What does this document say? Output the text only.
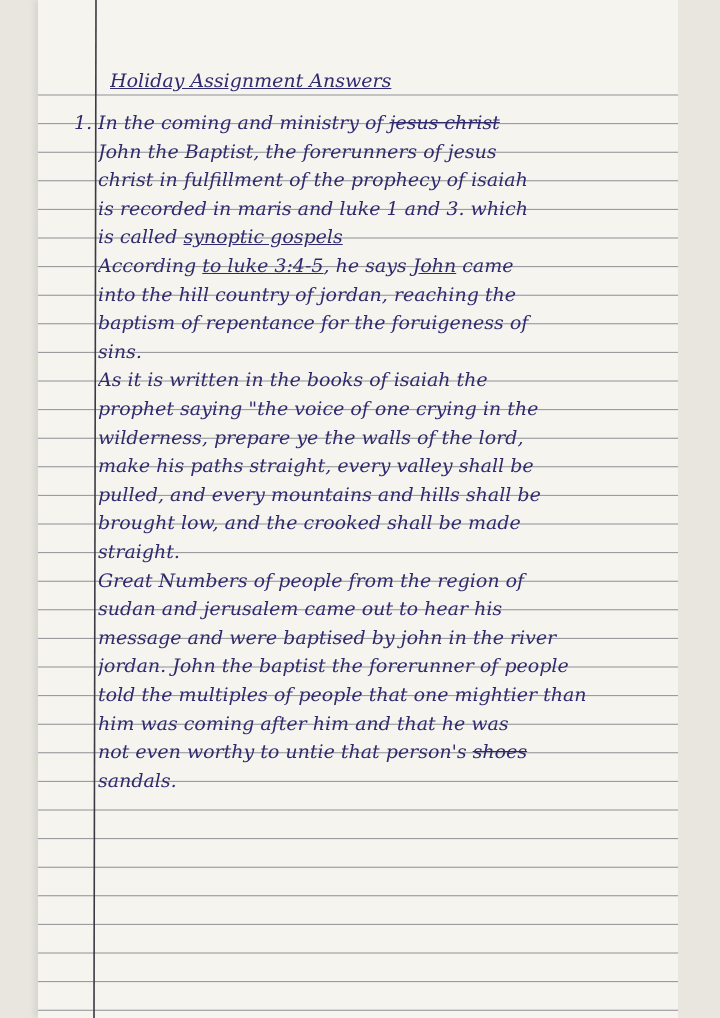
Holiday Assignment Answers
1. In the coming and ministry of jesus christ
John the Baptist, the forerunners of jesus
christ in fulfillment of the prophecy of isaiah
is recorded in maris and luke 1 and 3. which
is called synoptic gospels
According to luke 3:4-5, he says John came
into the hill country of jordan, reaching the
baptism of repentance for the foruigeness of
sins.
As it is written in the books of isaiah the
prophet saying "the voice of one crying in the
wilderness, prepare ye the walls of the lord,
make his paths straight, every valley shall be
pulled, and every mountains and hills shall be
brought low, and the crooked shall be made
straight.
Great Numbers of people from the region of
sudan and jerusalem came out to hear his
message and were baptised by john in the river
jordan. John the baptist the forerunner of people
told the multiples of people that one mightier than
him was coming after him and that he was
not even worthy to untie that person's shoes
sandals.
